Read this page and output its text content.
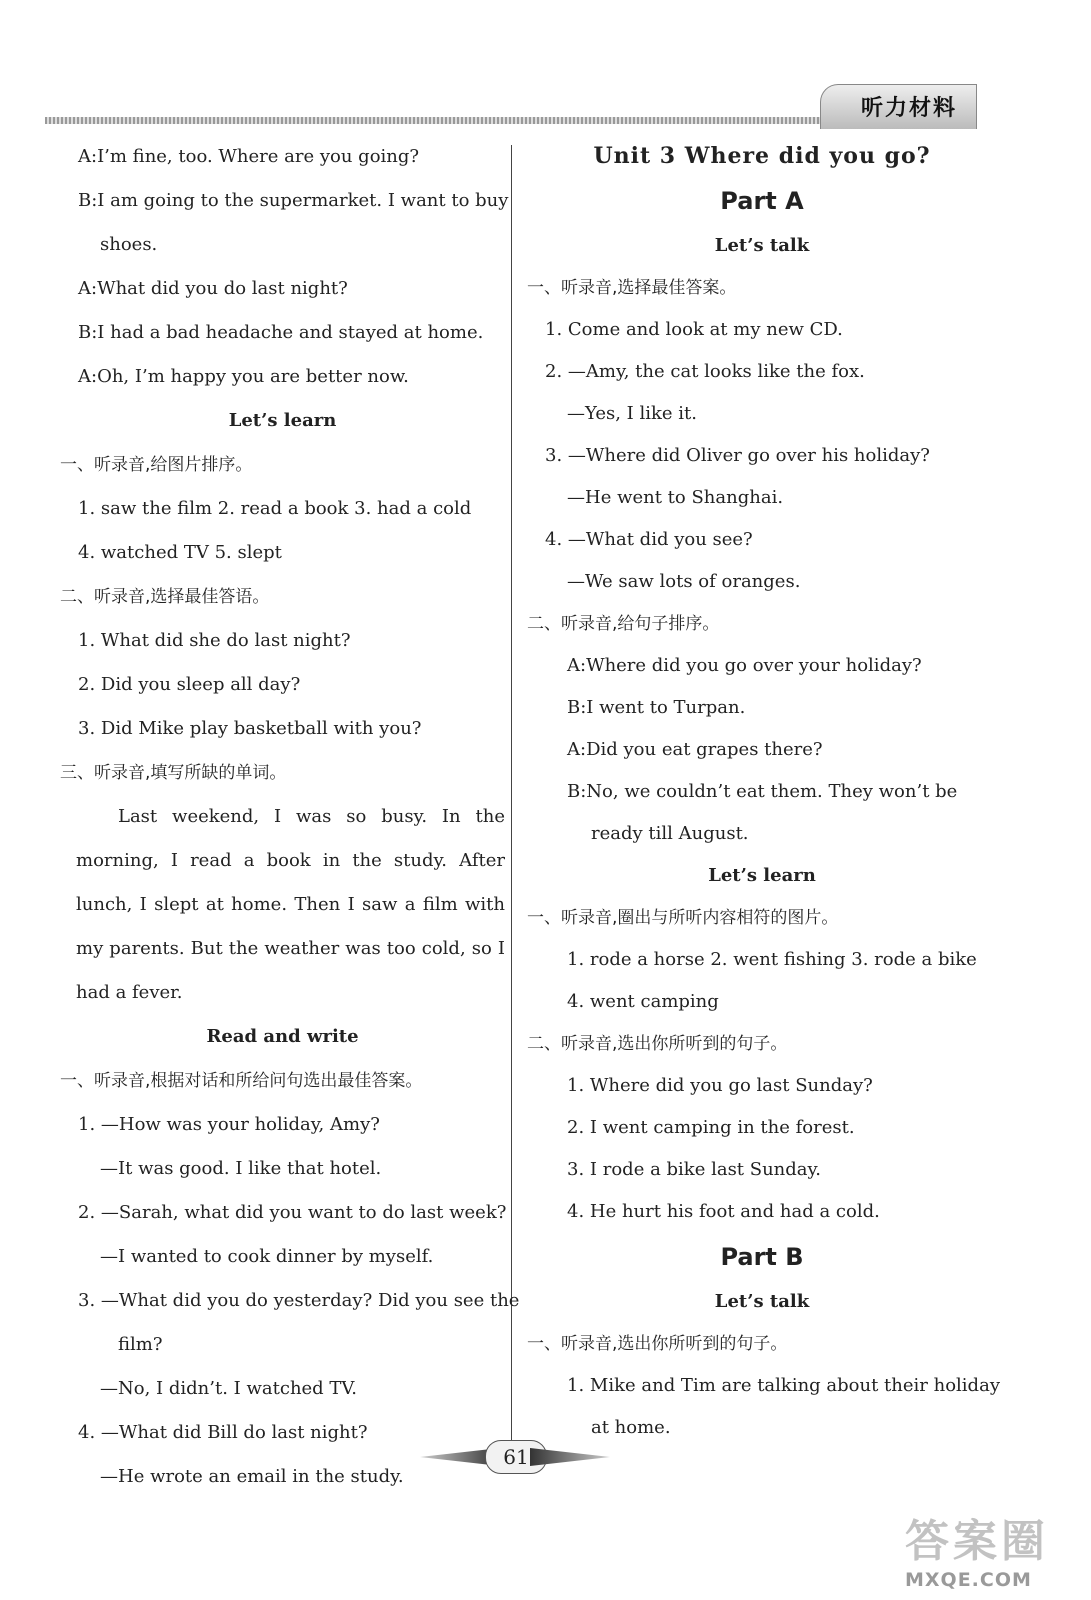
听力材料
A:I’m fine, too. Where are you going?
B:I am going to the supermarket. I want to buy
shoes.
A:What did you do last night?
B:I had a bad headache and stayed at home.
A:Oh, I’m happy you are better now.
Let’s learn
一、听录音,给图片排序。
1. saw the film 2. read a book 3. had a cold
4. watched TV 5. slept
二、听录音,选择最佳答语。
1. What did she do last night?
2. Did you sleep all day?
3. Did Mike play basketball with you?
三、听录音,填写所缺的单词。
Last weekend, I was so busy. In the morning, I read a book in the study. After lunch, I slept at home. Then I saw a film with my parents. But the weather was too cold, so I had a fever.
Read and write
一、听录音,根据对话和所给问句选出最佳答案。
1. —How was your holiday, Amy?
—It was good. I like that hotel.
2. —Sarah, what did you want to do last week?
—I wanted to cook dinner by myself.
3. —What did you do yesterday? Did you see the
film?
—No, I didn’t. I watched TV.
4. —What did Bill do last night?
—He wrote an email in the study.
Unit 3 Where did you go?
Part A
Let’s talk
一、听录音,选择最佳答案。
1. Come and look at my new CD.
2. —Amy, the cat looks like the fox.
—Yes, I like it.
3. —Where did Oliver go over his holiday?
—He went to Shanghai.
4. —What did you see?
—We saw lots of oranges.
二、听录音,给句子排序。
A:Where did you go over your holiday?
B:I went to Turpan.
A:Did you eat grapes there?
B:No, we couldn’t eat them. They won’t be
ready till August.
Let’s learn
一、听录音,圈出与所听内容相符的图片。
1. rode a horse 2. went fishing 3. rode a bike
4. went camping
二、听录音,选出你所听到的句子。
1. Where did you go last Sunday?
2. I went camping in the forest.
3. I rode a bike last Sunday.
4. He hurt his foot and had a cold.
Part B
Let’s talk
一、听录音,选出你所听到的句子。
1. Mike and Tim are talking about their holiday
at home.
61
答案圈
MXQE.COM
